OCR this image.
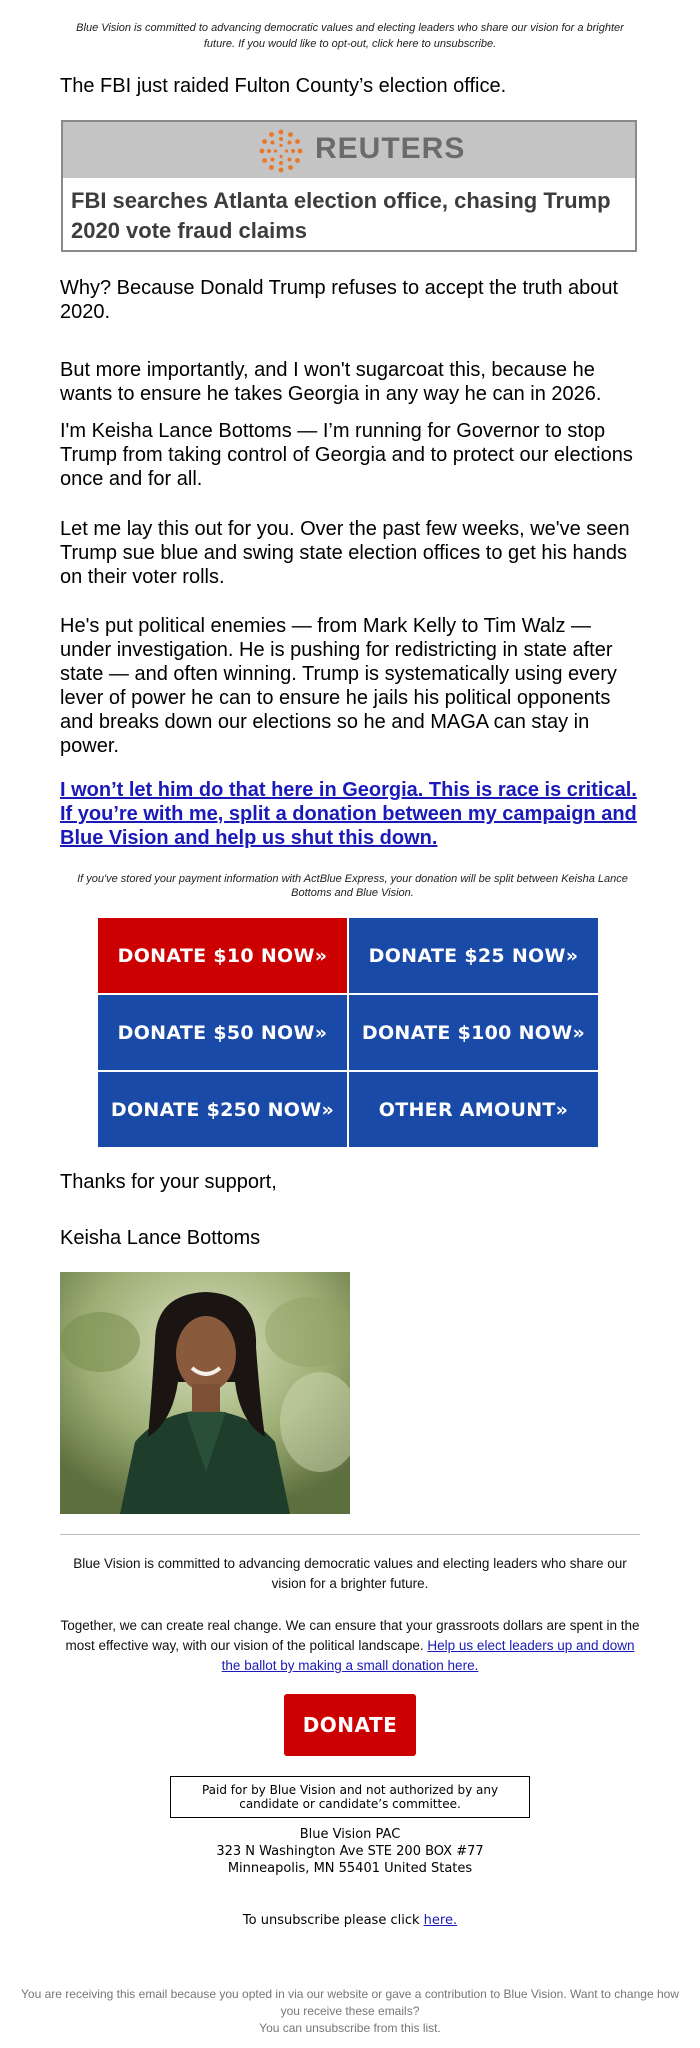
Blue Vision is committed to advancing democratic values and electing leaders who share our vision for a brighter future. If you would like to opt-out, click here to unsubscribe.
The FBI just raided Fulton County’s election office.
REUTERS
FBI searches Atlanta election office, chasing Trump 2020 vote fraud claims
Why? Because Donald Trump refuses to accept the truth about 2020.
But more importantly, and I won't sugarcoat this, because he wants to ensure he takes Georgia in any way he can in 2026.
I'm Keisha Lance Bottoms — I’m running for Governor to stop Trump from taking control of Georgia and to protect our elections once and for all.
Let me lay this out for you. Over the past few weeks, we've seen Trump sue blue and swing state election offices to get his hands on their voter rolls.
He's put political enemies — from Mark Kelly to Tim Walz — under investigation. He is pushing for redistricting in state after state — and often winning. Trump is systematically using every lever of power he can to ensure he jails his political opponents and breaks down our elections so he and MAGA can stay in power.
I won’t let him do that here in Georgia. This is race is critical. If you’re with me, split a donation between my campaign and Blue Vision and help us shut this down.
If you've stored your payment information with ActBlue Express, your donation will be split between Keisha Lance Bottoms and Blue Vision.
DONATE $10 NOW»	DONATE $25 NOW»
DONATE $50 NOW»	DONATE $100 NOW»
DONATE $250 NOW»	OTHER AMOUNT»
Thanks for your support,
Keisha Lance Bottoms
Blue Vision is committed to advancing democratic values and electing leaders who share our vision for a brighter future.
Together, we can create real change. We can ensure that your grassroots dollars are spent in the most effective way, with our vision of the political landscape. Help us elect leaders up and down the ballot by making a small donation here.
DONATE
Paid for by Blue Vision and not authorized by any candidate or candidate’s committee.
Blue Vision PAC
323 N Washington Ave STE 200 BOX #77
Minneapolis, MN 55401 United States
To unsubscribe please click here.
You are receiving this email because you opted in via our website or gave a contribution to Blue Vision. Want to change how you receive these emails?
You can unsubscribe from this list.
